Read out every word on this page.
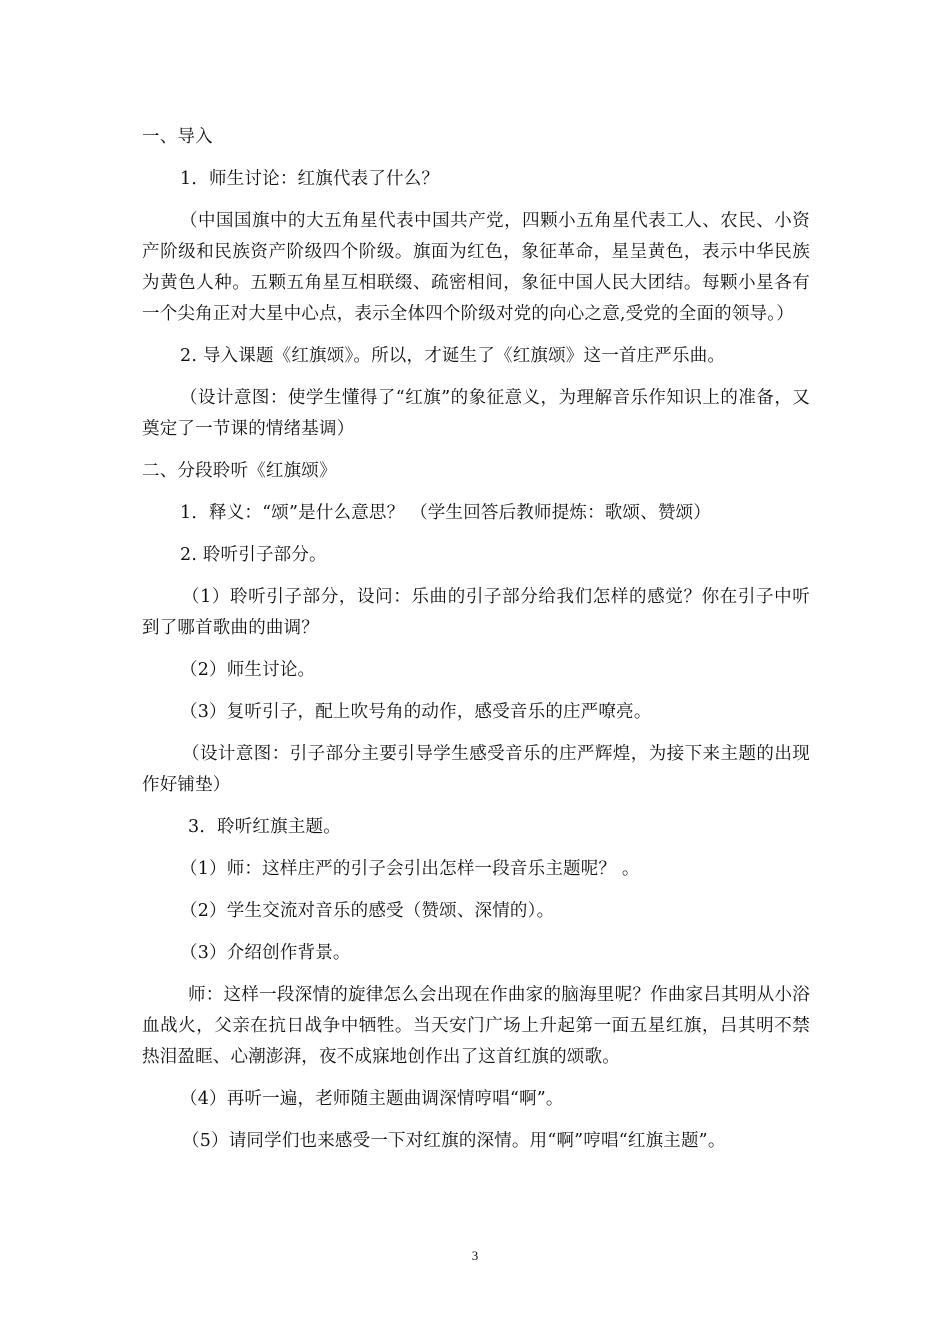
一、导入

1．师生讨论：红旗代表了什么？

（中国国旗中的大五角星代表中国共产党，四颗小五角星代表工人、农民、小资产阶级和民族资产阶级四个阶级。旗面为红色，象征革命，星呈黄色，表示中华民族为黄色人种。五颗五角星互相联缀、疏密相间，象征中国人民大团结。每颗小星各有一个尖角正对大星中心点，表示全体四个阶级对党的向心之意,受党的全面的领导。）

2. 导入课题《红旗颂》。所以，才诞生了《红旗颂》这一首庄严乐曲。

（设计意图：使学生懂得了“红旗”的象征意义，为理解音乐作知识上的准备，又奠定了一节课的情绪基调）

二、分段聆听《红旗颂》

1．释义：“颂”是什么意思？ （学生回答后教师提炼：歌颂、赞颂）

2. 聆听引子部分。

（1）聆听引子部分，设问：乐曲的引子部分给我们怎样的感觉？你在引子中听到了哪首歌曲的曲调？

（2）师生讨论。

（3）复听引子，配上吹号角的动作，感受音乐的庄严嘹亮。

（设计意图：引子部分主要引导学生感受音乐的庄严辉煌，为接下来主题的出现作好铺垫）

3．聆听红旗主题。

（1）师：这样庄严的引子会引出怎样一段音乐主题呢？ 。

（2）学生交流对音乐的感受（赞颂、深情的）。

（3）介绍创作背景。

师：这样一段深情的旋律怎么会出现在作曲家的脑海里呢？作曲家吕其明从小浴血战火，父亲在抗日战争中牺牲。当天安门广场上升起第一面五星红旗，吕其明不禁热泪盈眶、心潮澎湃，夜不成寐地创作出了这首红旗的颂歌。

（4）再听一遍，老师随主题曲调深情哼唱“啊”。

（5）请同学们也来感受一下对红旗的深情。用“啊”哼唱“红旗主题”。

3
